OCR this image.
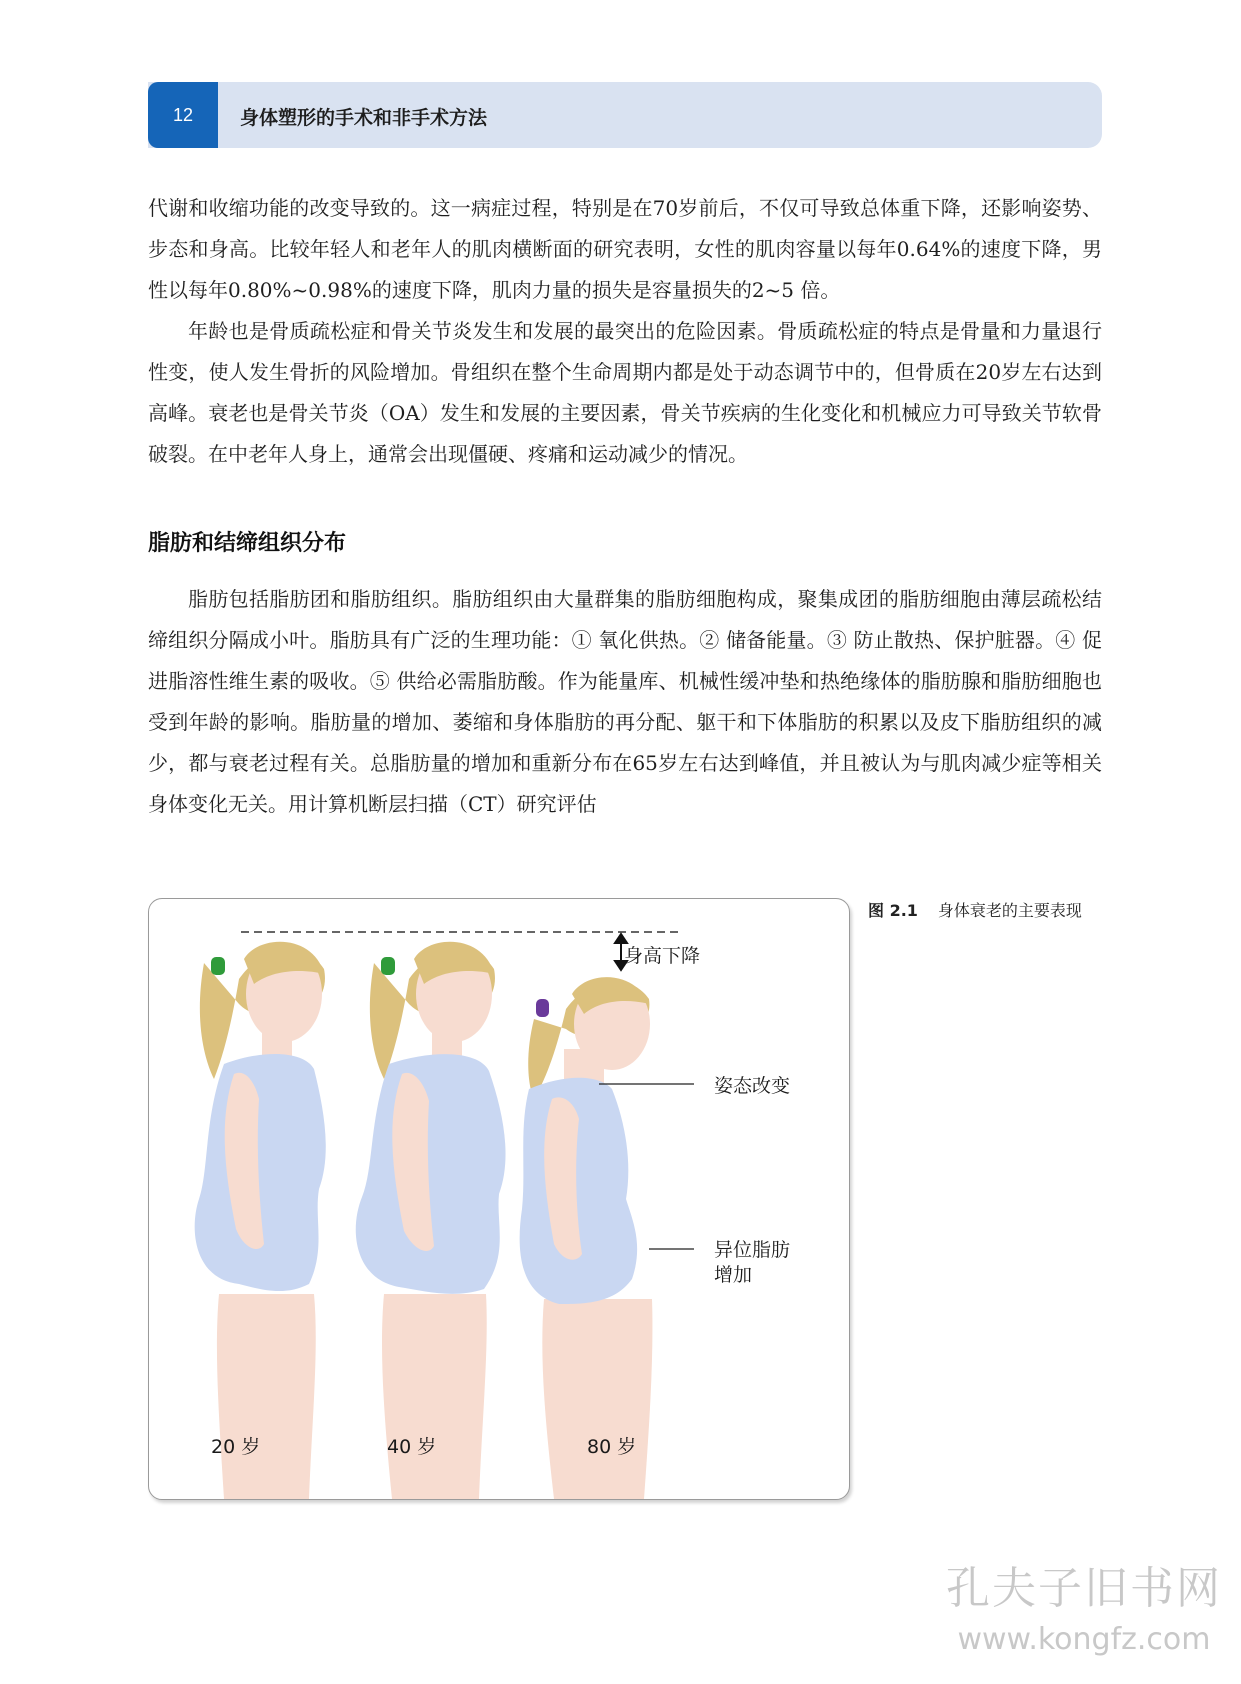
12	身体塑形的手术和非手术方法

代谢和收缩功能的改变导致的。这一病症过程，特别是在70岁前后，不仅可导致总体重下降，还影响姿势、步态和身高。比较年轻人和老年人的肌肉横断面的研究表明，女性的肌肉容量以每年0.64%的速度下降，男性以每年0.80%~0.98%的速度下降，肌肉力量的损失是容量损失的2~5 倍。

年龄也是骨质疏松症和骨关节炎发生和发展的最突出的危险因素。骨质疏松症的特点是骨量和力量退行性变，使人发生骨折的风险增加。骨组织在整个生命周期内都是处于动态调节中的，但骨质在20岁左右达到高峰。衰老也是骨关节炎（OA）发生和发展的主要因素，骨关节疾病的生化变化和机械应力可导致关节软骨破裂。在中老年人身上，通常会出现僵硬、疼痛和运动减少的情况。

脂肪和结缔组织分布

脂肪包括脂肪团和脂肪组织。脂肪组织由大量群集的脂肪细胞构成，聚集成团的脂肪细胞由薄层疏松结缔组织分隔成小叶。脂肪具有广泛的生理功能：① 氧化供热。② 储备能量。③ 防止散热、保护脏器。④ 促进脂溶性维生素的吸收。⑤ 供给必需脂肪酸。作为能量库、机械性缓冲垫和热绝缘体的脂肪腺和脂肪细胞也受到年龄的影响。脂肪量的增加、萎缩和身体脂肪的再分配、躯干和下体脂肪的积累以及皮下脂肪组织的减少，都与衰老过程有关。总脂肪量的增加和重新分布在65岁左右达到峰值，并且被认为与肌肉减少症等相关身体变化无关。用计算机断层扫描（CT）研究评估

身高下降
姿态改变
异位脂肪
增加
20 岁	40 岁	80 岁
图 2.1 身体衰老的主要表现
孔夫子旧书网
www.kongfz.com
